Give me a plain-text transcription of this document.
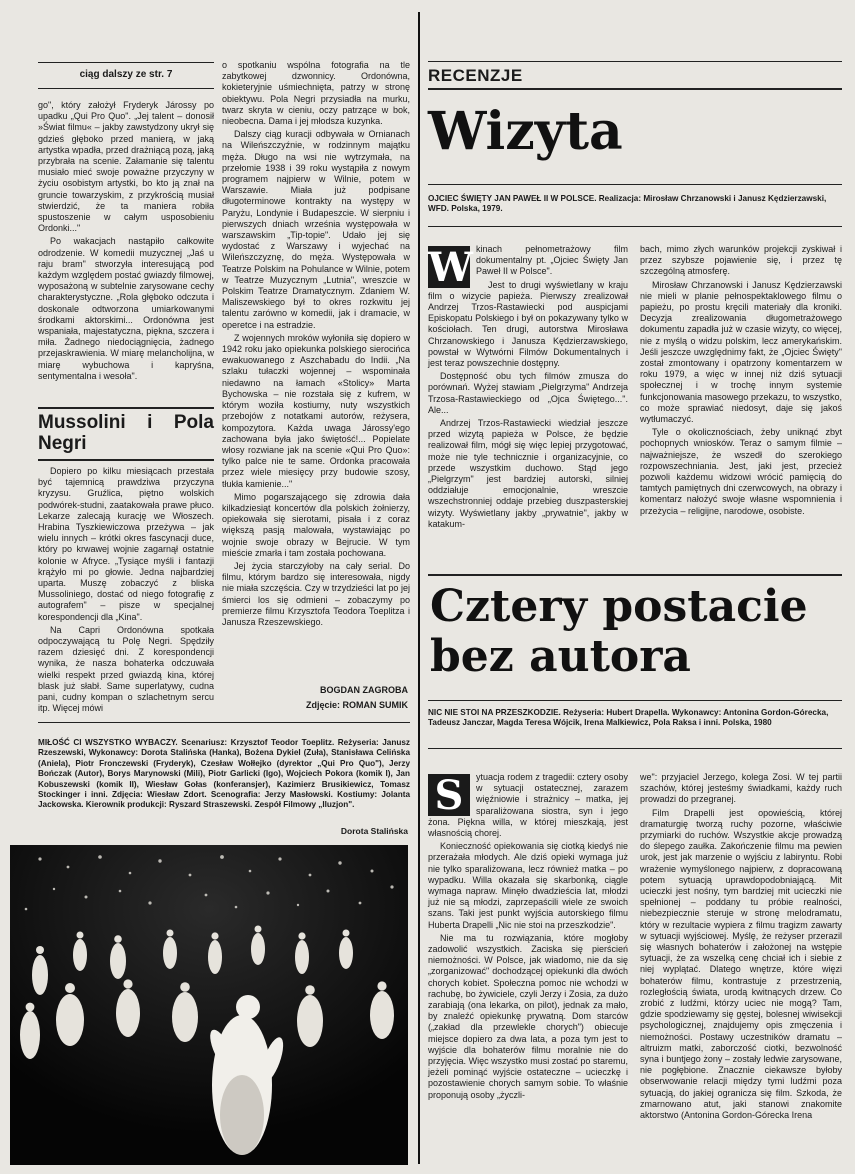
ciąg dalszy ze str. 7

go", który założył Fryderyk Járossy po upadku „Qui Pro Quo". „Jej talent – donosił »Świat filmu« – jakby zawstydzony ukrył się gdzieś głęboko przed manierą, w jaką artystka wpadła, przed drażniącą pozą, jaką przybrała na scenie. Załamanie się talentu musiało mieć swoje poważne przyczyny w życiu osobistym artystki, bo kto ją znał na gruncie towarzyskim, z przykrością musiał stwierdzić, że ta maniera robiła spustoszenie w całym usposobieniu Ordonki..."

Po wakacjach nastąpiło całkowite odrodzenie. W komedii muzycznej „Jaś u raju bram" stworzyła interesującą pod każdym względem postać gwiazdy filmowej, wyposażoną w subtelnie zarysowane cechy charakterystyczne. „Rola głęboko odczuta i doskonale odtworzona umiarkowanymi środkami aktorskimi... Ordonówna jest wspaniała, majestatyczna, piękna, szczera i miła. Żadnego niedociągnięcia, żadnego przejaskrawienia. W miarę melancholijna, w miarę wybuchowa i kapryśna, sentymentalna i wesoła".

Mussolini i Pola Negri

Dopiero po kilku miesiącach przestała być tajemnicą prawdziwa przyczyna kryzysu. Gruźlica, piętno wolskich podwórek-studni, zaatakowała prawe płuco. Lekarze zalecają kurację we Włoszech. Hrabina Tyszkiewiczowa przeżywa – jak wielu innych – krótki okres fascynacji duce, który po krwawej wojnie zagarnął ostatnie kolonie w Afryce. „Tysiące myśli i fantazji krążyło mi po głowie. Jedna najbardziej uparta. Muszę zobaczyć z bliska Mussoliniego, dostać od niego fotografię z autografem" – pisze w specjalnej korespondencji dla „Kina".

Na Capri Ordonówna spotkała odpoczywającą tu Polę Negri. Spędziły razem dziesięć dni. Z korespondencji wynika, że nasza bohaterka odczuwała wielki respekt przed gwiazdą kina, której blask już słabł. Same superlatywy, cudna pani, cudny kompan o szlachetnym sercu itp. Więcej mówi

o spotkaniu wspólna fotografia na tle zabytkowej dzwonnicy. Ordonówna, kokieteryjnie uśmiechnięta, patrzy w stronę obiektywu. Pola Negri przysiadła na murku, twarz skryta w cieniu, oczy patrzące w bok, nieobecna. Dama i jej młodsza kuzynka.

Dalszy ciąg kuracji odbywała w Ornianach na Wileńszczyźnie, w rodzinnym majątku męża. Długo na wsi nie wytrzymała, na przełomie 1938 i 39 roku wystąpiła z nowym programem najpierw w Wilnie, potem w Warszawie. Miała już podpisane długoterminowe kontrakty na występy w Paryżu, Londynie i Budapeszcie. W sierpniu i pierwszych dniach września występowała w warszawskim „Tip-topie". Udało jej się wydostać z Warszawy i wyjechać na Wileńszczyznę, do męża. Występowała w Teatrze Polskim na Pohulance w Wilnie, potem w Teatrze Muzycznym „Lutnia", wreszcie w Polskim Teatrze Dramatycznym. Zdaniem W. Maliszewskiego był to okres rozkwitu jej talentu zarówno w komedii, jak i dramacie, w operetce i na estradzie.

Z wojennych mroków wyłoniła się dopiero w 1942 roku jako opiekunka polskiego sierocińca ewakuowanego z Aszchabadu do Indii. „Na szlaku tułaczki wojennej – wspominała niedawno na łamach «Stolicy» Marta Bychowska – nie rozstała się z kufrem, w którym woziła kostiumy, nuty wszystkich przebojów z notatkami autorów, reżysera, kompozytora. Każda uwaga Járossy'ego zachowana była jako świętość!... Popielate włosy rozwiane jak na scenie «Qui Pro Quo»: tylko palce nie te same. Ordonka pracowała przez wiele miesięcy przy budowie szosy, tłukła kamienie..."

Mimo pogarszającego się zdrowia dała kilkadziesiąt koncertów dla polskich żołnierzy, opiekowała się sierotami, pisała i z coraz większą pasją malowała, wystawiając po wojnie swoje obrazy w Bejrucie. W tym mieście zmarła i tam została pochowana.

Jej życia starczyłoby na cały serial. Do filmu, którym bardzo się interesowała, nigdy nie miała szczęścia. Czy w trzydzieści lat po jej śmierci los się odmieni – zobaczymy po premierze filmu Krzysztofa Teodora Toeplitza i Janusza Rzeszewskiego.

BOGDAN ZAGROBA
Zdjęcie: ROMAN SUMIK
MIŁOŚĆ CI WSZYSTKO WYBACZY. Scenariusz: Krzysztof Teodor Toeplitz. Reżyseria: Janusz Rzeszewski, Wykonawcy: Dorota Stalińska (Hanka), Bożena Dykiel (Zuła), Stanisława Celińska (Aniela), Piotr Fronczewski (Fryderyk), Czesław Wołłejko (dyrektor „Qui Pro Quo"), Jerzy Bończak (Autor), Borys Marynowski (Mili), Piotr Garlicki (Igo), Wojciech Pokora (komik I), Jan Kobuszewski (komik II), Wiesław Gołas (konferansjer), Kazimierz Brusikiewicz, Tomasz Stockinger i inni. Zdjęcia: Wiesław Zdort. Scenografia: Jerzy Masłowski. Kostiumy: Jolanta Jackowska. Kierownik produkcji: Ryszard Straszewski. Zespół Filmowy „Iluzjon".
Dorota Stalińska
RECENZJE
Wizyta
OJCIEC ŚWIĘTY JAN PAWEŁ II W POLSCE. Realizacja: Mirosław Chrzanowski i Janusz Kędzierzawski, WFD. Polska, 1979.
W kinach pełnometrażowy film dokumentalny pt. „Ojciec Święty Jan Paweł II w Polsce".

Jest to drugi wyświetlany w kraju film o wizycie papieża. Pierwszy zrealizował Andrzej Trzos-Rastawiecki pod auspicjami Episkopatu Polskiego i był on pokazywany tylko w kościołach. Ten drugi, autorstwa Mirosława Chrzanowskiego i Janusza Kędzierzawskiego, powstał w Wytwórni Filmów Dokumentalnych i jest teraz powszechnie dostępny.

Dostępność obu tych filmów zmusza do porównań. Wyżej stawiam „Pielgrzyma" Andrzeja Trzosa-Rastawieckiego od „Ojca Świętego...". Ale...

Andrzej Trzos-Rastawiecki wiedział jeszcze przed wizytą papieża w Polsce, że będzie realizował film, mógł się więc lepiej przygotować, może nie tyle technicznie i organizacyjnie, co przede wszystkim duchowo. Stąd jego „Pielgrzym" jest bardziej autorski, silniej oddziałuje emocjonalnie, wreszcie wszechstronniej oddaje przebieg duszpasterskiej wizyty. Wyświetlany jakby „prywatnie", jakby w katakum-

bach, mimo złych warunków projekcji zyskiwał i przez szybsze pojawienie się, i przez tę szczególną atmosferę.

Mirosław Chrzanowski i Janusz Kędzierzawski nie mieli w planie pełnospektaklowego filmu o papieżu, po prostu kręcili materiały dla kroniki. Decyzja zrealizowania długometrażowego dokumentu zapadła już w czasie wizyty, co więcej, nie z myślą o widzu polskim, lecz amerykańskim. Jeśli jeszcze uwzględnimy fakt, że „Ojciec Święty" został zmontowany i opatrzony komentarzem w roku 1979, a więc w innej niż dziś sytuacji społecznej i w trochę innym systemie funkcjonowania masowego przekazu, to wszystko, co może sprawiać niedosyt, daje się jakoś wytłumaczyć.

Tyle o okolicznościach, żeby uniknąć zbyt pochopnych wniosków. Teraz o samym filmie – najważniejsze, że wszedł do szerokiego rozpowszechniania. Jest, jaki jest, przecież pozwoli każdemu widzowi wrócić pamięcią do tamtych pamiętnych dni czerwcowych, na obrazy i komentarz nałożyć swoje własne wspomnienia i przeżycia – religijne, narodowe, osobiste.

Cztery postacie
bez autora
NIC NIE STOI NA PRZESZKODZIE. Reżyseria: Hubert Drapella. Wykonawcy: Antonina Gordon-Górecka, Tadeusz Janczar, Magda Teresa Wójcik, Irena Malkiewicz, Pola Raksa i inni. Polska, 1980
S	ytuacja rodem z tragedii: cztery osoby w sytuacji ostatecznej, zarazem więźniowie i strażnicy – matka, jej sparaliżowana siostra, syn i jego żona. Piękna willa, w której mieszkają, jest własnością chorej.

Konieczność opiekowania się ciotką kiedyś nie przerażała młodych. Ale dziś opieki wymaga już nie tylko sparaliżowana, lecz również matka – po wypadku. Willa okazała się skarbonką, ciągle wymaga napraw. Minęło dwadzieścia lat, młodzi już nie są młodzi, zaprzepaścili wiele ze swoich szans. Taki jest punkt wyjścia autorskiego filmu Huberta Drapelli „Nic nie stoi na przeszkodzie".

Nie ma tu rozwiązania, które mogłoby zadowolić wszystkich. Zaciska się pierścień niemożności. W Polsce, jak wiadomo, nie da się „zorganizować" dochodzącej opiekunki dla dwóch chorych kobiet. Społeczna pomoc nie wchodzi w rachubę, bo żywiciele, czyli Jerzy i Zosia, za dużo zarabiają (ona lekarka, on pilot), jednak za mało, by znaleźć opiekunkę prywatną. Dom starców („zakład dla przewlekle chorych") obiecuje miejsce dopiero za dwa lata, a poza tym jest to wyjście dla bohaterów filmu moralnie nie do przyjęcia. Więc wszystko musi zostać po staremu, jeżeli pominąć wyjście ostateczne – ucieczkę i pozostawienie chorych samym sobie. To właśnie proponują osoby „życzli-

we": przyjaciel Jerzego, kolega Zosi. W tej partii szachów, której jesteśmy świadkami, każdy ruch prowadzi do przegranej.

Film Drapelli jest opowieścią, której dramaturgię tworzą ruchy pozorne, właściwie przymiarki do ruchów. Wszystkie akcje prowadzą do ślepego zaułka. Zakończenie filmu ma pewien urok, jest jak marzenie o wyjściu z labiryntu. Robi wrażenie wymyślonego najpierw, z dopracowaną potem sytuacją uprawdopodobniającą. Mit ucieczki jest nośny, tym bardziej mit ucieczki nie spełnionej – poddany tu próbie realności, niebezpiecznie steruje w stronę melodramatu, który w rezultacie wypiera z filmu tragizm zawarty w sytuacji wyjściowej. Myślę, że reżyser przerazil się własnych bohaterów i założonej na wstępie sytuacji, że za wszelką cenę chciał ich i siebie z niej wyplątać. Dlatego wnętrze, które więzi bohaterów filmu, kontrastuje z przestrzenią, rozległością świata, urodą kwitnących drzew. Co zrobić z ludźmi, którzy uciec nie mogą? Tam, gdzie spodziewamy się gęstej, bolesnej wiwisekcji psychologicznej, znajdujemy opis zmęczenia i niemożności. Postawy uczestników dramatu – altruizm matki, zaborczość ciotki, bezwolność syna i buntjego żony – zostały ledwie zarysowane, nie pogłębione. Znacznie ciekawsze byłoby obserwowanie relacji między tymi ludźmi poza sytuacją, do jakiej ogranicza się film. Szkoda, że zmarnowano atut, jaki stanowi znakomite aktorstwo (Antonina Gordon-Górecka Irena
